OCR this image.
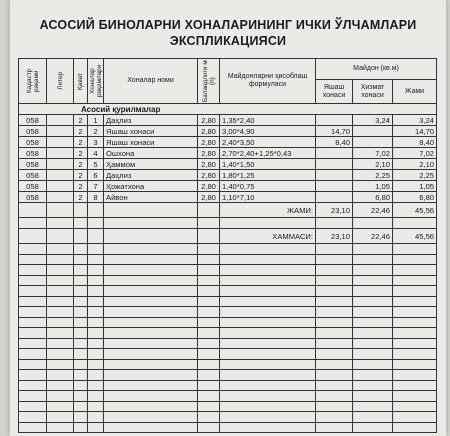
АСОСИЙ БИНОЛАРНИ ХОНАЛАРИНИНГ ИЧКИ ЎЛЧАМЛАРИ
ЭКСПЛИКАЦИЯСИ
Кадастр рақами	Литер	Қават	Хоналар рақамлари	Хоналар номи	Баландлиги м (h)	Майдонларни ҳисоблаш формуласи	Майдон (кв.м)		
							Яшаш хонаси	Хизмат хонаси	Жами
Асосий қурилмалар									
058		2	1	Даҳлиз	2,80	1,35*2,40		3,24	3,24
058		2	2	Яшаш хонаси	2,80	3,00*4,90	14,70		14,70
058		2	3	Яшаш хонаси	2,80	2,40*3,50	8,40		8,40
058		2	4	Ошхона	2,80	2,70*2,40+1,25*0,43		7,02	7,02
058		2	5	Ҳаммом	2,80	1,40*1,50		2,10	2,10
058		2	6	Даҳлиз	2,80	1,80*1,25		2,25	2,25
058		2	7	Ҳожатхона	2,80	1,40*0,75		1,05	1,05
058		2	8	Айвон	2,80	1,10*7,10		6,80	6,80
						ЖАМИ:	23,10	22,46	45,56

						ХАММАСИ:	23,10	22,46	45,56
